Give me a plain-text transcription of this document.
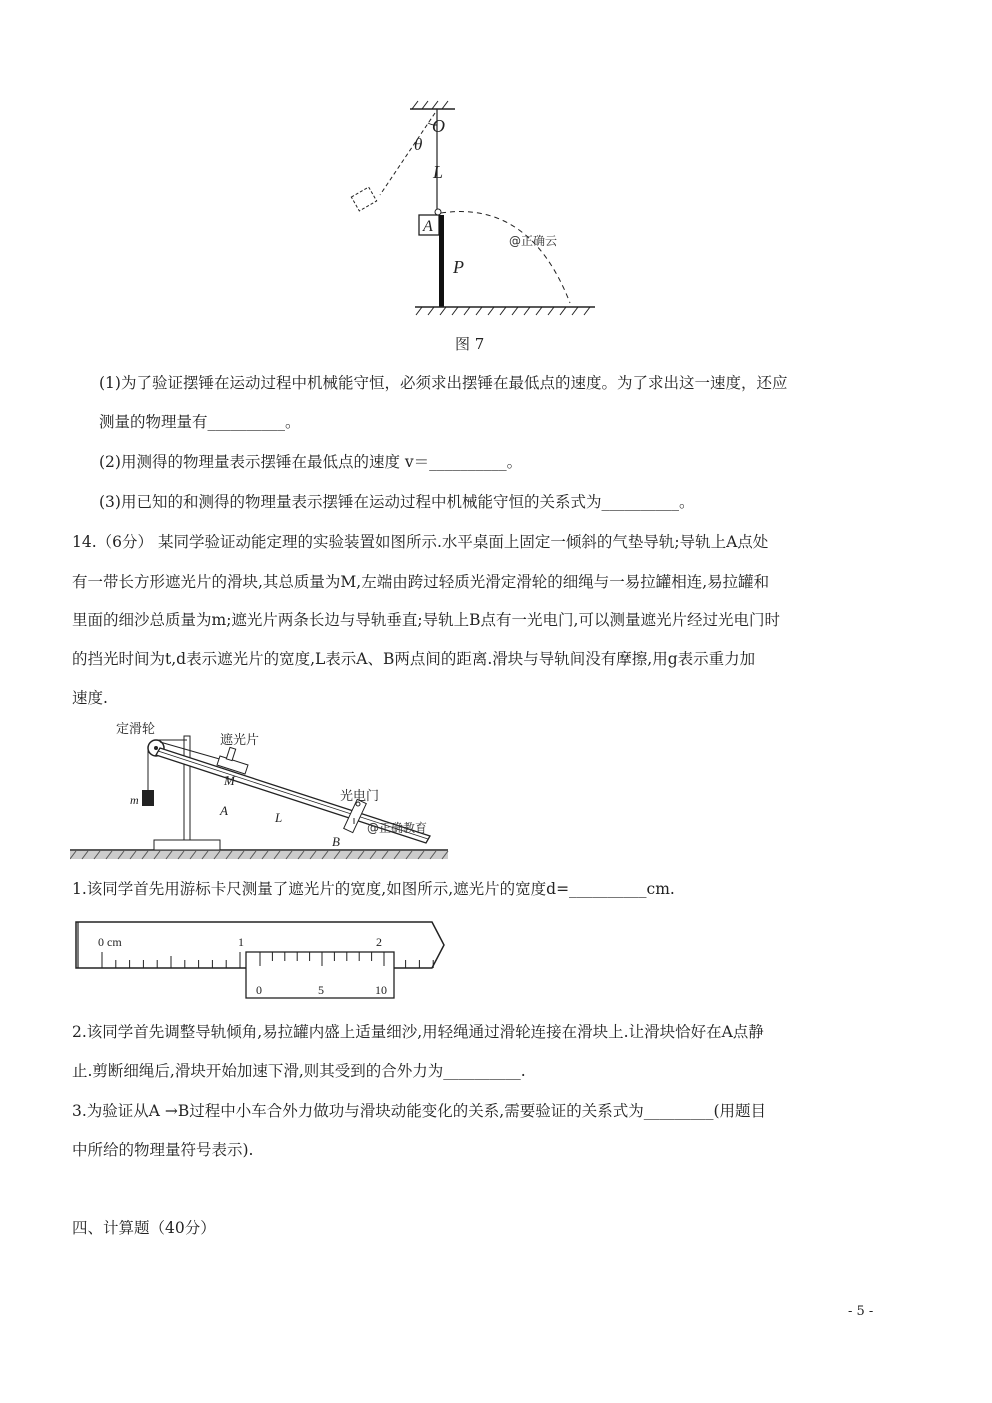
O
θ
L
A
P
@正确云
图 7
(1)为了验证摆锤在运动过程中机械能守恒，必须求出摆锤在最低点的速度。为了求出这一速度，还应
测量的物理量有__________。
(2)用测得的物理量表示摆锤在最低点的速度 v＝__________。
(3)用已知的和测得的物理量表示摆锤在运动过程中机械能守恒的关系式为__________。
14.（6分） 某同学验证动能定理的实验装置如图所示.水平桌面上固定一倾斜的气垫导轨;导轨上A点处
有一带长方形遮光片的滑块,其总质量为M,左端由跨过轻质光滑定滑轮的细绳与一易拉罐相连,易拉罐和
里面的细沙总质量为m;遮光片两条长边与导轨垂直;导轨上B点有一光电门,可以测量遮光片经过光电门时
的挡光时间为t,d表示遮光片的宽度,L表示A、B两点间的距离.滑块与导轨间没有摩擦,用g表示重力加
速度.
定滑轮
遮光片
M
m
A	L
B
光电门
@正确教育
1.该同学首先用游标卡尺测量了遮光片的宽度,如图所示,遮光片的宽度d=__________cm.
0 cm	1	2
0	5	10
2.该同学首先调整导轨倾角,易拉罐内盛上适量细沙,用轻绳通过滑轮连接在滑块上.让滑块恰好在A点静
止.剪断细绳后,滑块开始加速下滑,则其受到的合外力为__________.
3.为验证从A →B过程中小车合外力做功与滑块动能变化的关系,需要验证的关系式为_________(用题目
中所给的物理量符号表示).
四、计算题（40分）
- 5 -
